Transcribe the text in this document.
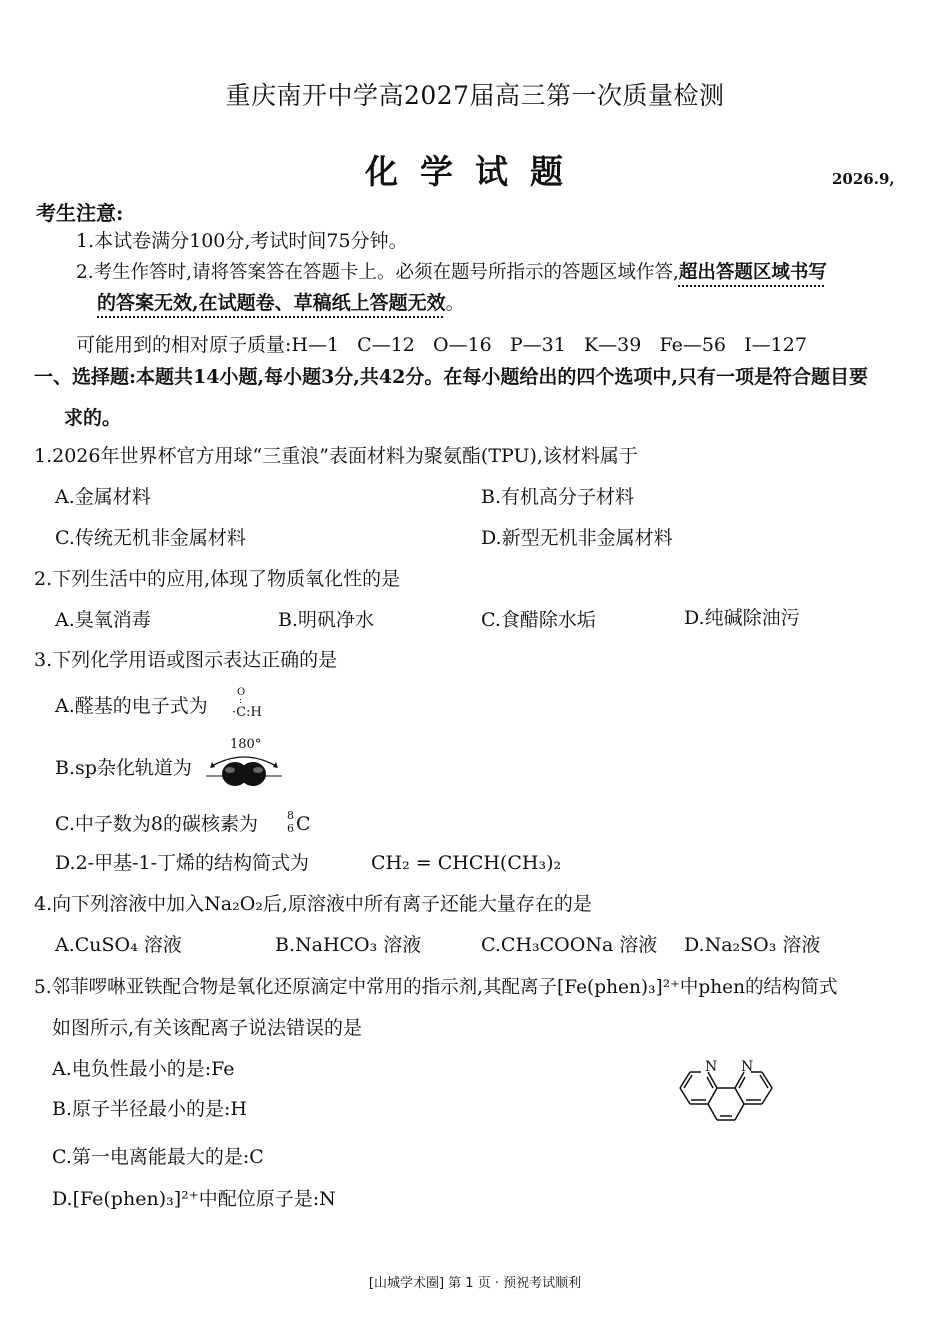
重庆南开中学高2027届高三第一次质量检测
化学试题	2026.9,
考生注意:
1.本试卷满分100分,考试时间75分钟。
2.考生作答时,请将答案答在答题卡上。必须在题号所指示的答题区域作答,超出答题区域书写
的答案无效,在试题卷、草稿纸上答题无效。
可能用到的相对原子质量:H—1   C—12   O—16   P—31   K—39   Fe—56   I—127
一、选择题:本题共14小题,每小题3分,共42分。在每小题给出的四个选项中,只有一项是符合题目要
求的。
1.2026年世界杯官方用球“三重浪”表面材料为聚氨酯(TPU),该材料属于
A.金属材料	B.有机高分子材料
C.传统无机非金属材料	D.新型无机非金属材料
2.下列生活中的应用,体现了物质氧化性的是
A.臭氧消毒	B.明矾净水	C.食醋除水垢	D.纯碱除油污
3.下列化学用语或图示表达正确的是
A.醛基的电子式为
O
:
·C:H
B.sp杂化轨道为
180°
C.中子数为8的碳核素为	8
6 C
D.2-甲基-1-丁烯的结构简式为	CH₂ = CHCH(CH₃)₂
4.向下列溶液中加入Na₂O₂后,原溶液中所有离子还能大量存在的是
A.CuSO₄ 溶液	B.NaHCO₃ 溶液	C.CH₃COONa 溶液 D.Na₂SO₃ 溶液
5.邻菲啰啉亚铁配合物是氧化还原滴定中常用的指示剂,其配离子[Fe(phen)₃]²⁺中phen的结构简式
如图所示,有关该配离子说法错误的是
A.电负性最小的是:Fe
B.原子半径最小的是:H
C.第一电离能最大的是:C
D.[Fe(phen)₃]²⁺中配位原子是:N
N N
[山城学术圈] 第 1 页 · 预祝考试顺利
